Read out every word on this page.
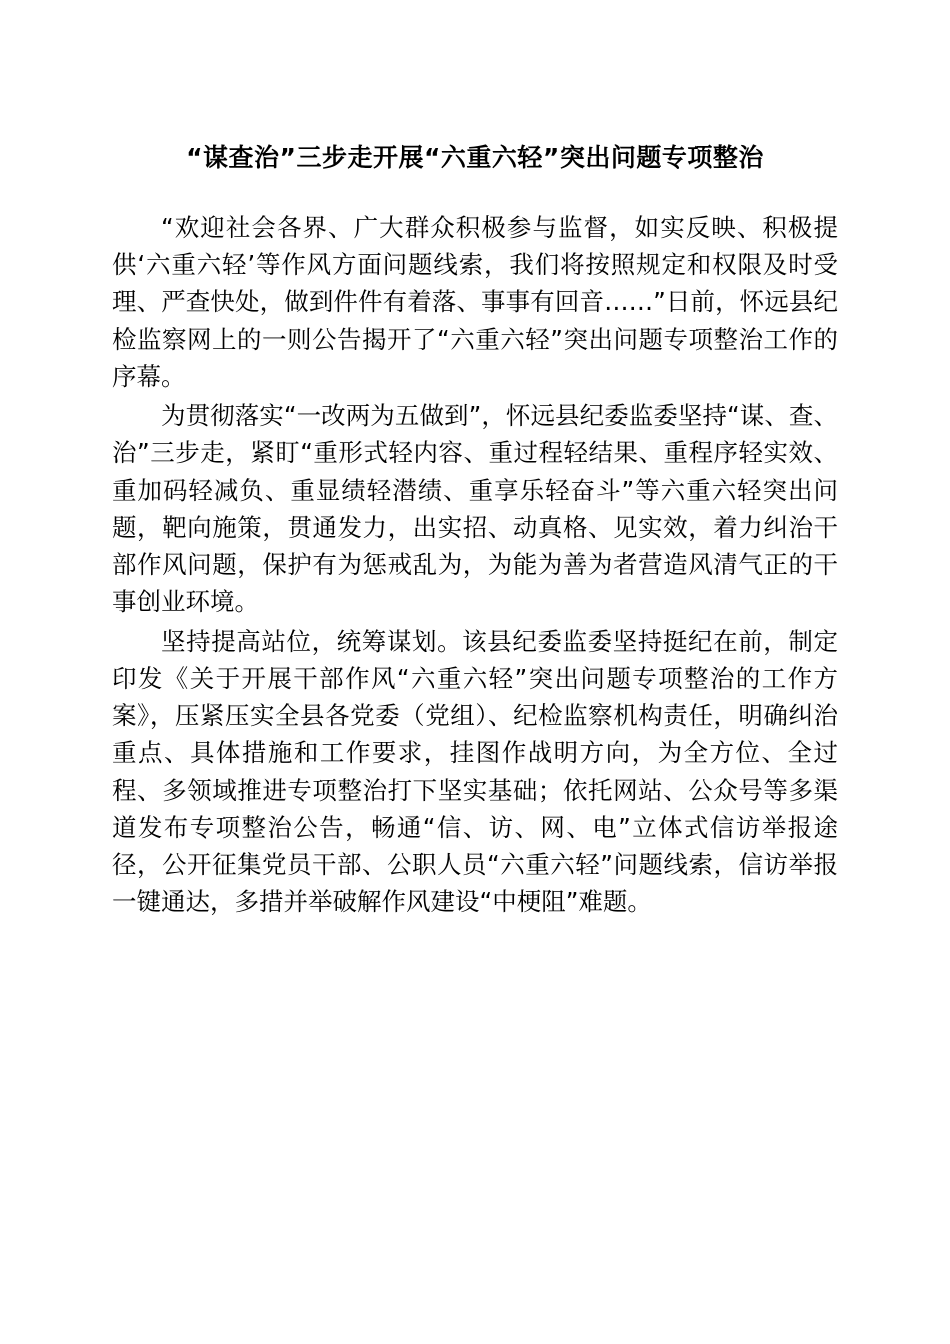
“谋查治”三步走开展“六重六轻”突出问题专项整治

“欢迎社会各界、广大群众积极参与监督，如实反映、积极提供‘六重六轻’等作风方面问题线索，我们将按照规定和权限及时受理、严查快处，做到件件有着落、事事有回音……”日前，怀远县纪检监察网上的一则公告揭开了“六重六轻”突出问题专项整治工作的序幕。

为贯彻落实“一改两为五做到”，怀远县纪委监委坚持“谋、查、治”三步走，紧盯“重形式轻内容、重过程轻结果、重程序轻实效、重加码轻减负、重显绩轻潜绩、重享乐轻奋斗”等六重六轻突出问题，靶向施策，贯通发力，出实招、动真格、见实效，着力纠治干部作风问题，保护有为惩戒乱为，为能为善为者营造风清气正的干事创业环境。

坚持提高站位，统筹谋划。该县纪委监委坚持挺纪在前，制定印发《关于开展干部作风“六重六轻”突出问题专项整治的工作方案》，压紧压实全县各党委（党组）、纪检监察机构责任，明确纠治重点、具体措施和工作要求，挂图作战明方向，为全方位、全过程、多领域推进专项整治打下坚实基础；依托网站、公众号等多渠道发布专项整治公告，畅通“信、访、网、电”立体式信访举报途径，公开征集党员干部、公职人员“六重六轻”问题线索，信访举报一键通达，多措并举破解作风建设“中梗阻”难题。
